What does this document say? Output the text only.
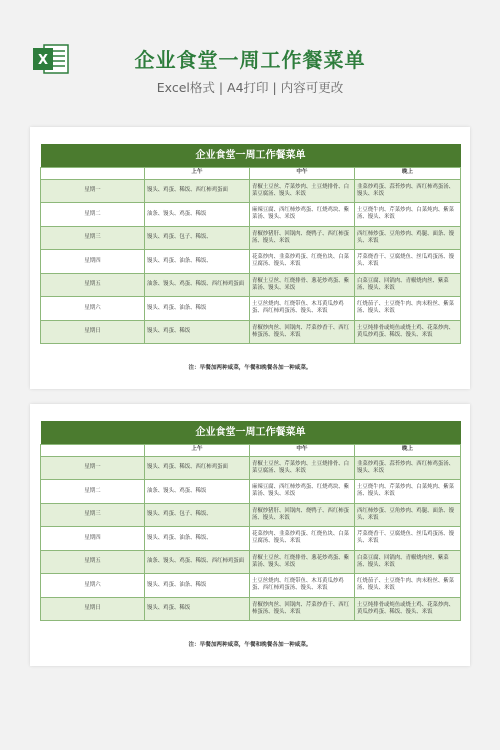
X	企业食堂一周工作餐菜单
Excel格式 | A4打印 | 内容可更改
企业食堂一周工作餐菜单			
	上午	中午	晚上
星期一	馒头、鸡蛋、稀饭、西红柿鸡蛋面	青椒土豆丝、芹菜炒肉、土豆烧排骨、白菜豆腐汤、馒头、米饭	韭菜炒鸡蛋、蒜苔炒肉、西红柿鸡蛋汤、馒头、米饭
星期二	油条、馒头、鸡蛋、稀饭	麻辣豆腐、西红柿炒鸡蛋、红烧鸡块、紫菜汤、馒头、米饭	土豆烧牛肉、芹菜炒肉、白菜炖肉、紫菜汤、馒头、米饭
星期三	馒头、鸡蛋、包子、稀饭、	青椒炒猪肝、回锅肉、烧鸭子、西红柿蛋汤、馒头、米饭	西红柿炒蛋、豆角炒肉、鸡腿、面条、馒头、米饭
星期四	馒头、鸡蛋、油条、稀饭、	花菜炒肉、韭菜炒鸡蛋、红烧鱼块、白菜豆腐汤、馒头、米饭	芹菜烧香干、豆腐烧鱼、丝瓜鸡蛋汤、馒头、米饭
星期五	油条、馒头、鸡蛋、稀饭、西红柿鸡蛋面	青椒土豆丝、红烧排骨、葱花炒鸡蛋、紫菜汤、馒头、米饭	白菜豆腐、回锅肉、青椒烧肉丝、紫菜汤、馒头、米饭
星期六	馒头、鸡蛋、油条、稀饭	土豆丝烧肉、红烧带鱼、木耳黄瓜炒鸡蛋、西红柿鸡蛋汤、馒头、米饭	红烧茄子、土豆烧牛肉、肉末粉丝、紫菜汤、馒头、米饭
星期日	馒头、鸡蛋、稀饭	青椒炒肉丝、回锅肉、芹菜炒香干、西红柿蛋汤、馒头、米饭	土豆炖排骨或炖鱼或烧土鸡、花菜炒肉、黄瓜炒鸡蛋、稀饭、馒头、米饭
注：早餐加两种咸菜，午餐和晚餐各加一种咸菜。
企业食堂一周工作餐菜单			
	上午	中午	晚上
星期一	馒头、鸡蛋、稀饭、西红柿鸡蛋面	青椒土豆丝、芹菜炒肉、土豆烧排骨、白菜豆腐汤、馒头、米饭	韭菜炒鸡蛋、蒜苔炒肉、西红柿鸡蛋汤、馒头、米饭
星期二	油条、馒头、鸡蛋、稀饭	麻辣豆腐、西红柿炒鸡蛋、红烧鸡块、紫菜汤、馒头、米饭	土豆烧牛肉、芹菜炒肉、白菜炖肉、紫菜汤、馒头、米饭
星期三	馒头、鸡蛋、包子、稀饭、	青椒炒猪肝、回锅肉、烧鸭子、西红柿蛋汤、馒头、米饭	西红柿炒蛋、豆角炒肉、鸡腿、面条、馒头、米饭
星期四	馒头、鸡蛋、油条、稀饭、	花菜炒肉、韭菜炒鸡蛋、红烧鱼块、白菜豆腐汤、馒头、米饭	芹菜烧香干、豆腐烧鱼、丝瓜鸡蛋汤、馒头、米饭
星期五	油条、馒头、鸡蛋、稀饭、西红柿鸡蛋面	青椒土豆丝、红烧排骨、葱花炒鸡蛋、紫菜汤、馒头、米饭	白菜豆腐、回锅肉、青椒烧肉丝、紫菜汤、馒头、米饭
星期六	馒头、鸡蛋、油条、稀饭	土豆丝烧肉、红烧带鱼、木耳黄瓜炒鸡蛋、西红柿鸡蛋汤、馒头、米饭	红烧茄子、土豆烧牛肉、肉末粉丝、紫菜汤、馒头、米饭
星期日	馒头、鸡蛋、稀饭	青椒炒肉丝、回锅肉、芹菜炒香干、西红柿蛋汤、馒头、米饭	土豆炖排骨或炖鱼或烧土鸡、花菜炒肉、黄瓜炒鸡蛋、稀饭、馒头、米饭
注：早餐加两种咸菜，午餐和晚餐各加一种咸菜。
